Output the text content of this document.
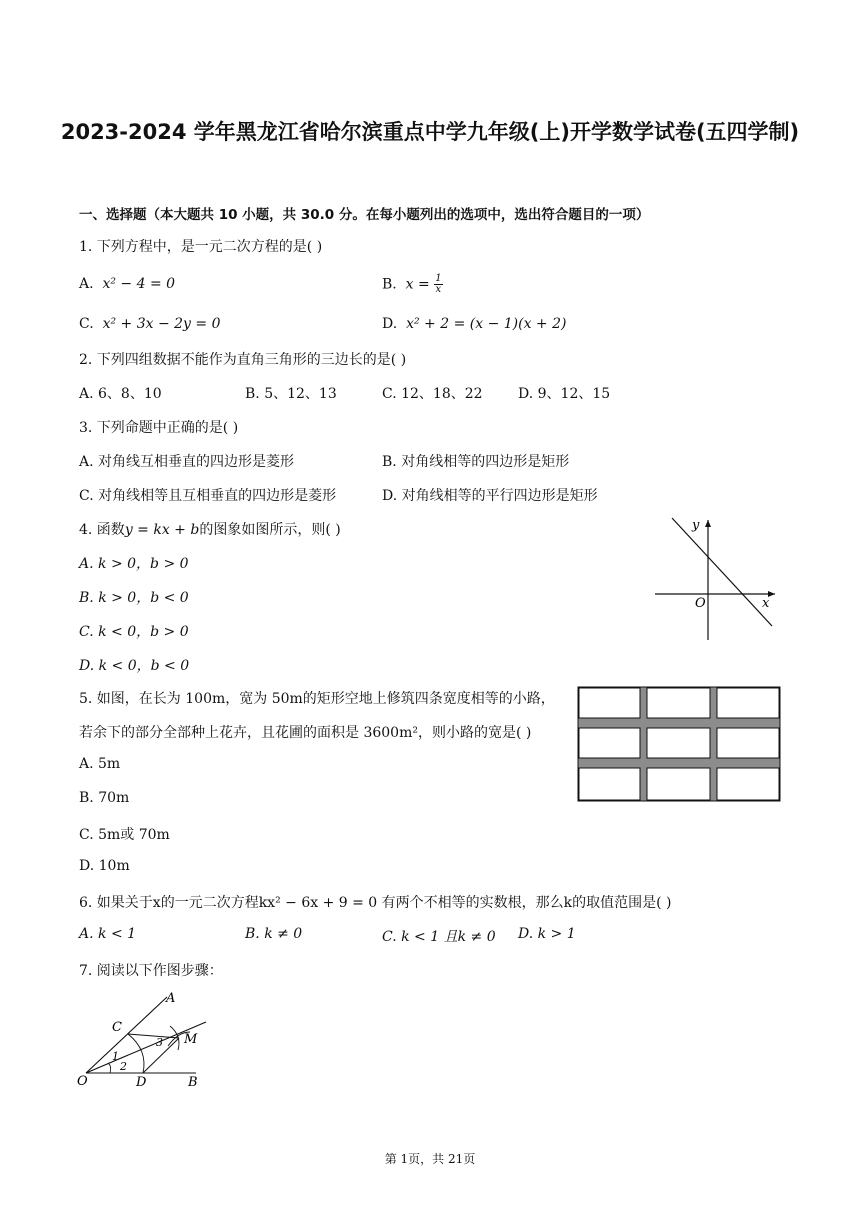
2023-2024 学年黑龙江省哈尔滨重点中学九年级(上)开学数学试卷(五四学制)
一、选择题（本大题共 10 小题，共 30.0 分。在每小题列出的选项中，选出符合题目的一项）
1. 下列方程中，是一元二次方程的是( )
A. x² − 4 = 0	B. $x = \frac{1}{x}$
C. x² + 3x − 2y = 0	D. x² + 2 = (x − 1)(x + 2)
2. 下列四组数据不能作为直角三角形的三边长的是( )
A. 6、8、10	B. 5、12、13	C. 12、18、22	D. 9、12、15
3. 下列命题中正确的是( )
A. 对角线互相垂直的四边形是菱形	B. 对角线相等的四边形是矩形
C. 对角线相等且互相垂直的四边形是菱形	D. 对角线相等的平行四边形是矩形
4. 函数y = kx + b的图象如图所示，则( )
A. k > 0，b > 0
B. k > 0，b < 0
C. k < 0，b > 0
D. k < 0，b < 0
y
x
O
5. 如图，在长为 100m，宽为 50m的矩形空地上修筑四条宽度相等的小路，
若余下的部分全部种上花卉，且花圃的面积是 3600m²，则小路的宽是( )
A. 5m
B. 70m
C. 5m或 70m
D. 10m
6. 如果关于x的一元二次方程kx² − 6x + 9 = 0 有两个不相等的实数根，那么k的取值范围是( )
A. k < 1	B. k ≠ 0	C. k < 1 且k ≠ 0 D. k > 1
7. 阅读以下作图步骤：
A
C
M
3
1
2
O	D	B
第 1页，共 21页
